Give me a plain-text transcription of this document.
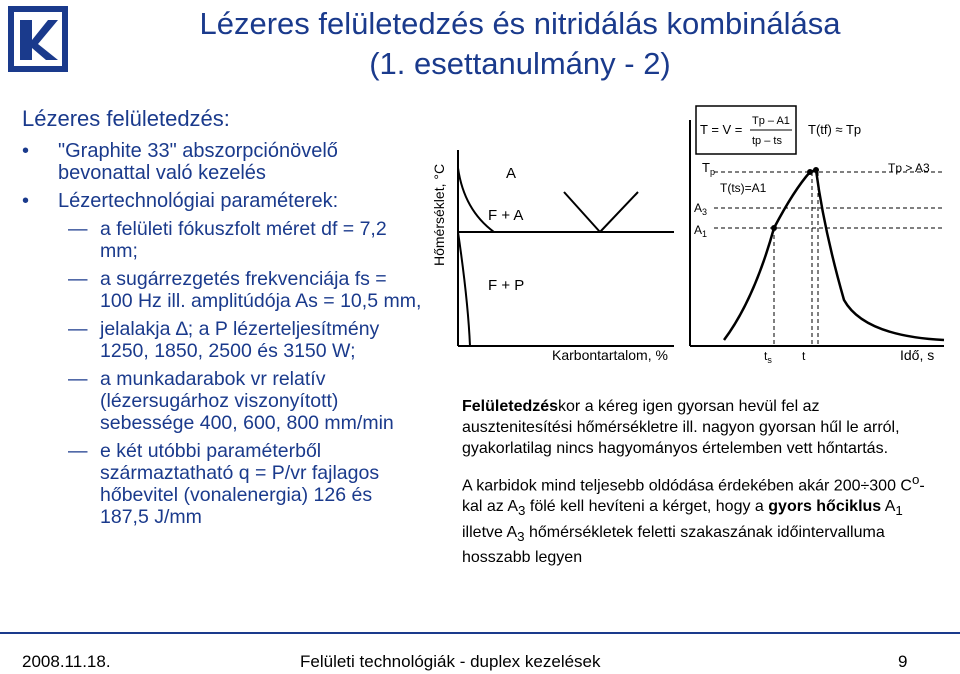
Lézeres felületedzés és nitridálás kombinálása
(1. esettanulmány - 2)
Lézeres felületedzés:
• "Graphite 33" abszorpciónövelő bevonattal való kezelés
• Lézertechnológiai paraméterek:
— a felületi fókuszfolt méret df = 7,2 mm;
— a sugárrezgetés frekvenciája fs = 100 Hz ill. amplitúdója As = 10,5 mm,
— jelalakja ∆; a P lézerteljesítmény 1250, 1850, 2500 és 3150 W;
— a munkadarabok vr relatív (lézersugárhoz viszonyított) sebessége 400, 600, 800 mm/min
— e két utóbbi paraméterből származtatható q = P/vr fajlagos hőbevitel (vonalenergia) 126 és 187,5 J/mm
Hőmérséklet, °C	A
F + A
F + P
Karbontartalom, %
T = V =
Tp – A1
tp – ts
T(tf) ≈ Tp
$T_p$
$A_3$
$A_1$
T(ts)=A1
Tp > A3
$t_s$	t	Idő, s

Felületedzéskor a kéreg igen gyorsan hevül fel az ausztenitesítési hőmérsékletre ill. nagyon gyorsan hűl le arról, gyakorlatilag nincs hagyományos értelemben vett hőntartás.

A karbidok mind teljesebb oldódása érdekében akár 200÷300 $C^o$-kal az $A_3$ fölé kell hevíteni a kérget, hogy a gyors hőciklus $A_1$ illetve $A_3$ hőmérsékletek feletti szakaszának időintervalluma hosszabb legyen

2008.11.18.	Felületi technológiák - duplex kezelések	9
